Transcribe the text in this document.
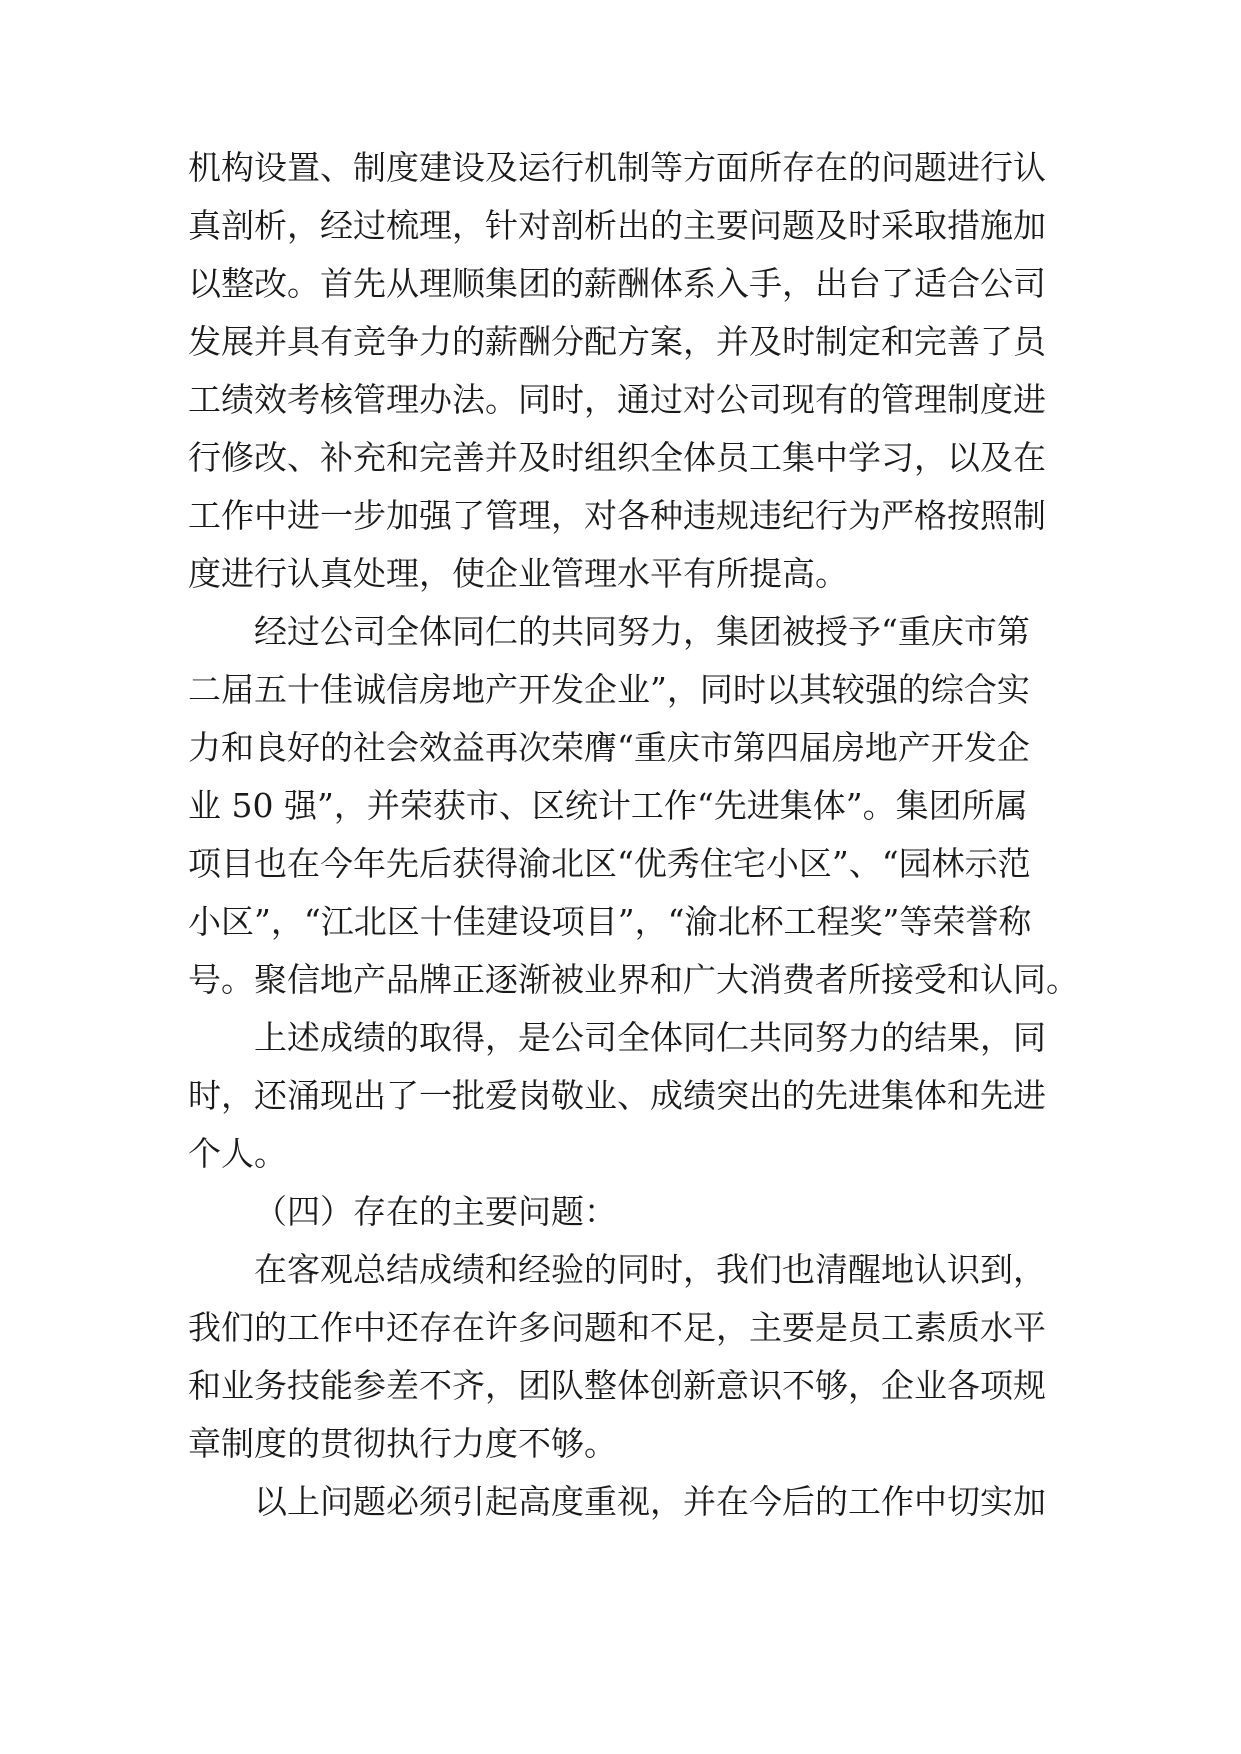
机构设置、制度建设及运行机制等方面所存在的问题进行认
真剖析，经过梳理，针对剖析出的主要问题及时采取措施加
以整改。首先从理顺集团的薪酬体系入手，出台了适合公司
发展并具有竞争力的薪酬分配方案，并及时制定和完善了员
工绩效考核管理办法。同时，通过对公司现有的管理制度进
行修改、补充和完善并及时组织全体员工集中学习，以及在
工作中进一步加强了管理，对各种违规违纪行为严格按照制
度进行认真处理，使企业管理水平有所提高。
经过公司全体同仁的共同努力，集团被授予“重庆市第
二届五十佳诚信房地产开发企业”，同时以其较强的综合实
力和良好的社会效益再次荣膺“重庆市第四届房地产开发企
业 50 强”，并荣获市、区统计工作“先进集体”。集团所属
项目也在今年先后获得渝北区“优秀住宅小区”、“园林示范
小区”，“江北区十佳建设项目”，“渝北杯工程奖”等荣誉称
号。聚信地产品牌正逐渐被业界和广大消费者所接受和认同。
上述成绩的取得，是公司全体同仁共同努力的结果，同
时，还涌现出了一批爱岗敬业、成绩突出的先进集体和先进
个人。
（四）存在的主要问题：
在客观总结成绩和经验的同时，我们也清醒地认识到，
我们的工作中还存在许多问题和不足，主要是员工素质水平
和业务技能参差不齐，团队整体创新意识不够，企业各项规
章制度的贯彻执行力度不够。
以上问题必须引起高度重视，并在今后的工作中切实加
